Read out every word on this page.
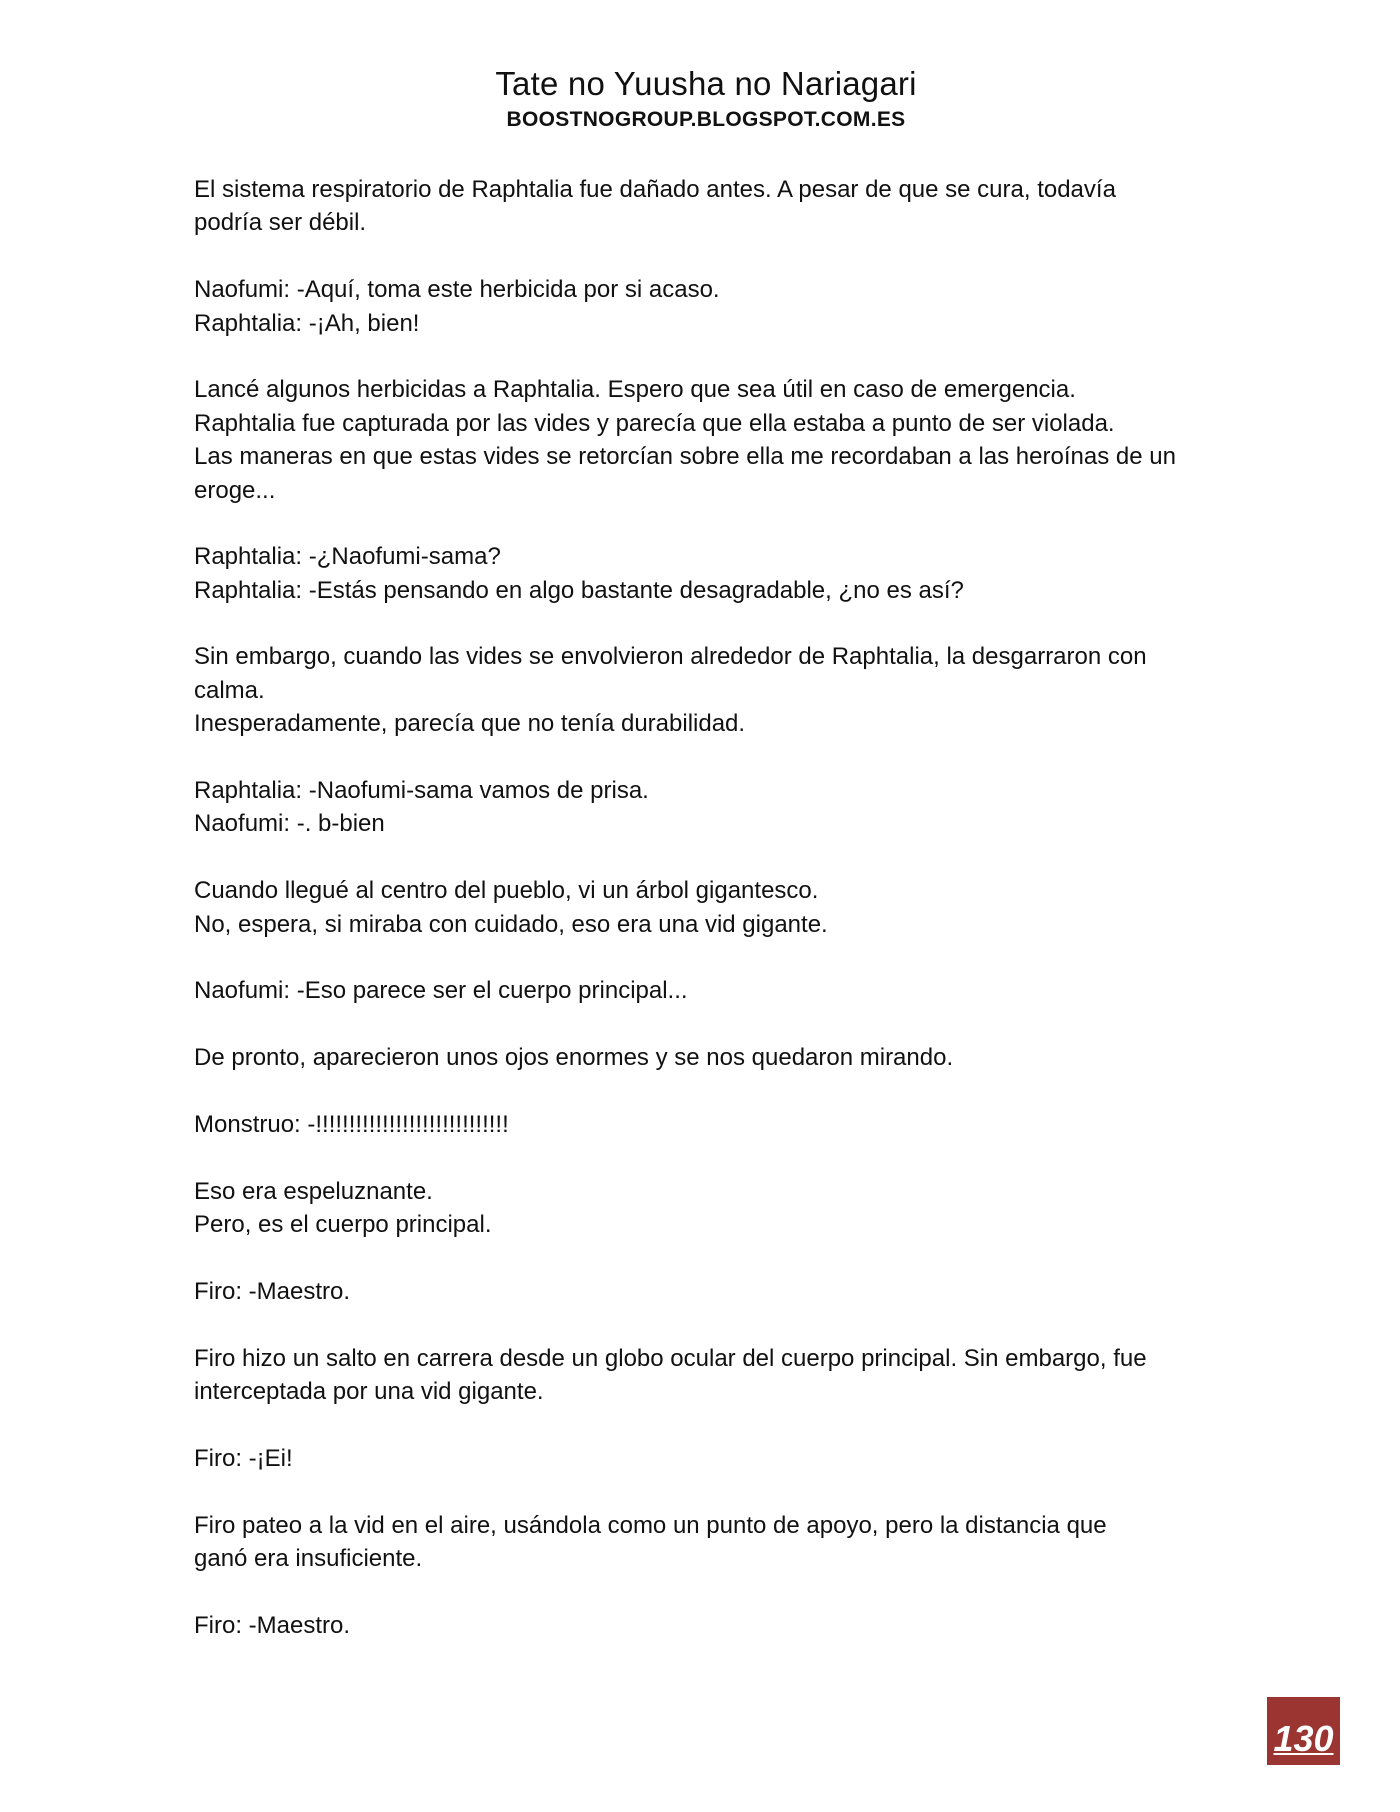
Tate no Yuusha no Nariagari
BOOSTNOGROUP.BLOGSPOT.COM.ES
El sistema respiratorio de Raphtalia fue dañado antes. A pesar de que se cura, todavía
podría ser débil.
Naofumi: -Aquí, toma este herbicida por si acaso.
Raphtalia: -¡Ah, bien!
Lancé algunos herbicidas a Raphtalia. Espero que sea útil en caso de emergencia.
Raphtalia fue capturada por las vides y parecía que ella estaba a punto de ser violada.
Las maneras en que estas vides se retorcían sobre ella me recordaban a las heroínas de un
eroge...
Raphtalia: -¿Naofumi-sama?
Raphtalia: -Estás pensando en algo bastante desagradable, ¿no es así?
Sin embargo, cuando las vides se envolvieron alrededor de Raphtalia, la desgarraron con
calma.
Inesperadamente, parecía que no tenía durabilidad.
Raphtalia: -Naofumi-sama vamos de prisa.
Naofumi: -. b-bien
Cuando llegué al centro del pueblo, vi un árbol gigantesco.
No, espera, si miraba con cuidado, eso era una vid gigante.
Naofumi: -Eso parece ser el cuerpo principal...
De pronto, aparecieron unos ojos enormes y se nos quedaron mirando.
Monstruo: -!!!!!!!!!!!!!!!!!!!!!!!!!!!!!
Eso era espeluznante.
Pero, es el cuerpo principal.
Firo: -Maestro.
Firo hizo un salto en carrera desde un globo ocular del cuerpo principal. Sin embargo, fue
interceptada por una vid gigante.
Firo: -¡Ei!
Firo pateo a la vid en el aire, usándola como un punto de apoyo, pero la distancia que
ganó era insuficiente.
Firo: -Maestro.
130
